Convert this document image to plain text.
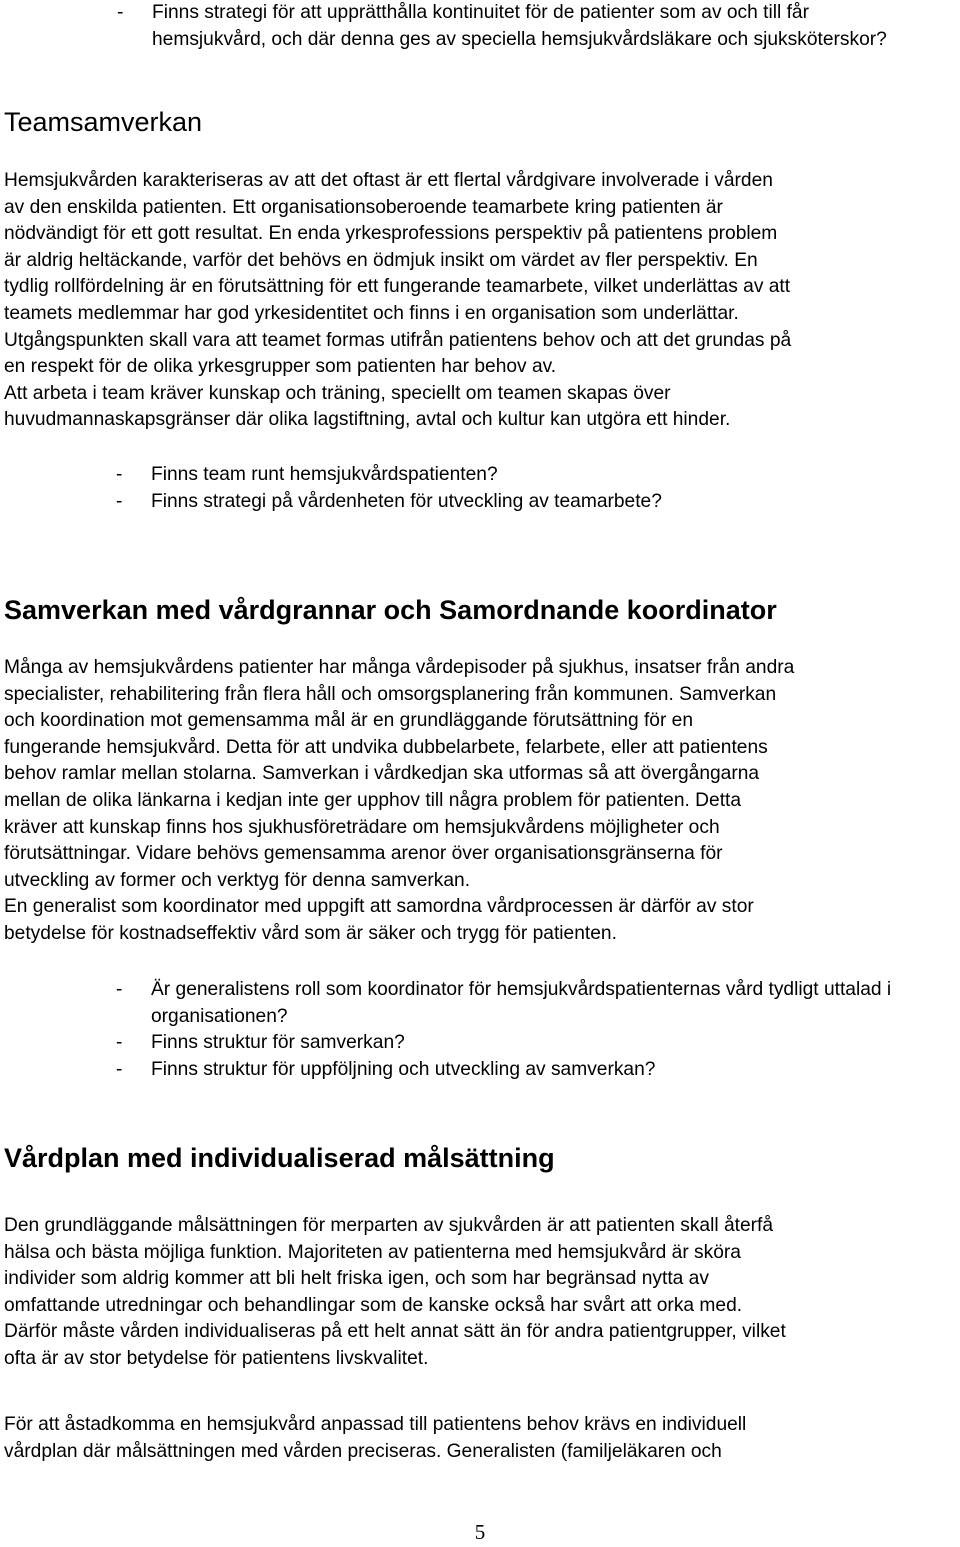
-	Finns strategi för att upprätthålla kontinuitet för de patienter som av och till får hemsjukvård, och där denna ges av speciella hemsjukvårdsläkare och sjuksköterskor?
Teamsamverkan

Hemsjukvården karakteriseras av att det oftast är ett flertal vårdgivare involverade i vården

av den enskilda patienten. Ett organisationsoberoende teamarbete kring patienten är

nödvändigt för ett gott resultat. En enda yrkesprofessions perspektiv på patientens problem

är aldrig heltäckande, varför det behövs en ödmjuk insikt om värdet av fler perspektiv. En

tydlig rollfördelning är en förutsättning för ett fungerande teamarbete, vilket underlättas av att

teamets medlemmar har god yrkesidentitet och finns i en organisation som underlättar.

Utgångspunkten skall vara att teamet formas utifrån patientens behov och att det grundas på

en respekt för de olika yrkesgrupper som patienten har behov av.

Att arbeta i team kräver kunskap och träning, speciellt om teamen skapas över

huvudmannaskapsgränser där olika lagstiftning, avtal och kultur kan utgöra ett hinder.

-	Finns team runt hemsjukvårdspatienten?
-	Finns strategi på vårdenheten för utveckling av teamarbete?
Samverkan med vårdgrannar och Samordnande koordinator

Många av hemsjukvårdens patienter har många vårdepisoder på sjukhus, insatser från andra

specialister, rehabilitering från flera håll och omsorgsplanering från kommunen. Samverkan

och koordination mot gemensamma mål är en grundläggande förutsättning för en

fungerande hemsjukvård. Detta för att undvika dubbelarbete, felarbete, eller att patientens

behov ramlar mellan stolarna. Samverkan i vårdkedjan ska utformas så att övergångarna

mellan de olika länkarna i kedjan inte ger upphov till några problem för patienten. Detta

kräver att kunskap finns hos sjukhusföreträdare om hemsjukvårdens möjligheter och

förutsättningar. Vidare behövs gemensamma arenor över organisationsgränserna för

utveckling av former och verktyg för denna samverkan.

En generalist som koordinator med uppgift att samordna vårdprocessen är därför av stor

betydelse för kostnadseffektiv vård som är säker och trygg för patienten.

-	Är generalistens roll som koordinator för hemsjukvårdspatienternas vård tydligt uttalad i organisationen?
-	Finns struktur för samverkan?
-	Finns struktur för uppföljning och utveckling av samverkan?
Vårdplan med individualiserad målsättning

Den grundläggande målsättningen för merparten av sjukvården är att patienten skall återfå

hälsa och bästa möjliga funktion. Majoriteten av patienterna med hemsjukvård är sköra

individer som aldrig kommer att bli helt friska igen, och som har begränsad nytta av

omfattande utredningar och behandlingar som de kanske också har svårt att orka med.

Därför måste vården individualiseras på ett helt annat sätt än för andra patientgrupper, vilket

ofta är av stor betydelse för patientens livskvalitet.

För att åstadkomma en hemsjukvård anpassad till patientens behov krävs en individuell

vårdplan där målsättningen med vården preciseras. Generalisten (familjeläkaren och

5
